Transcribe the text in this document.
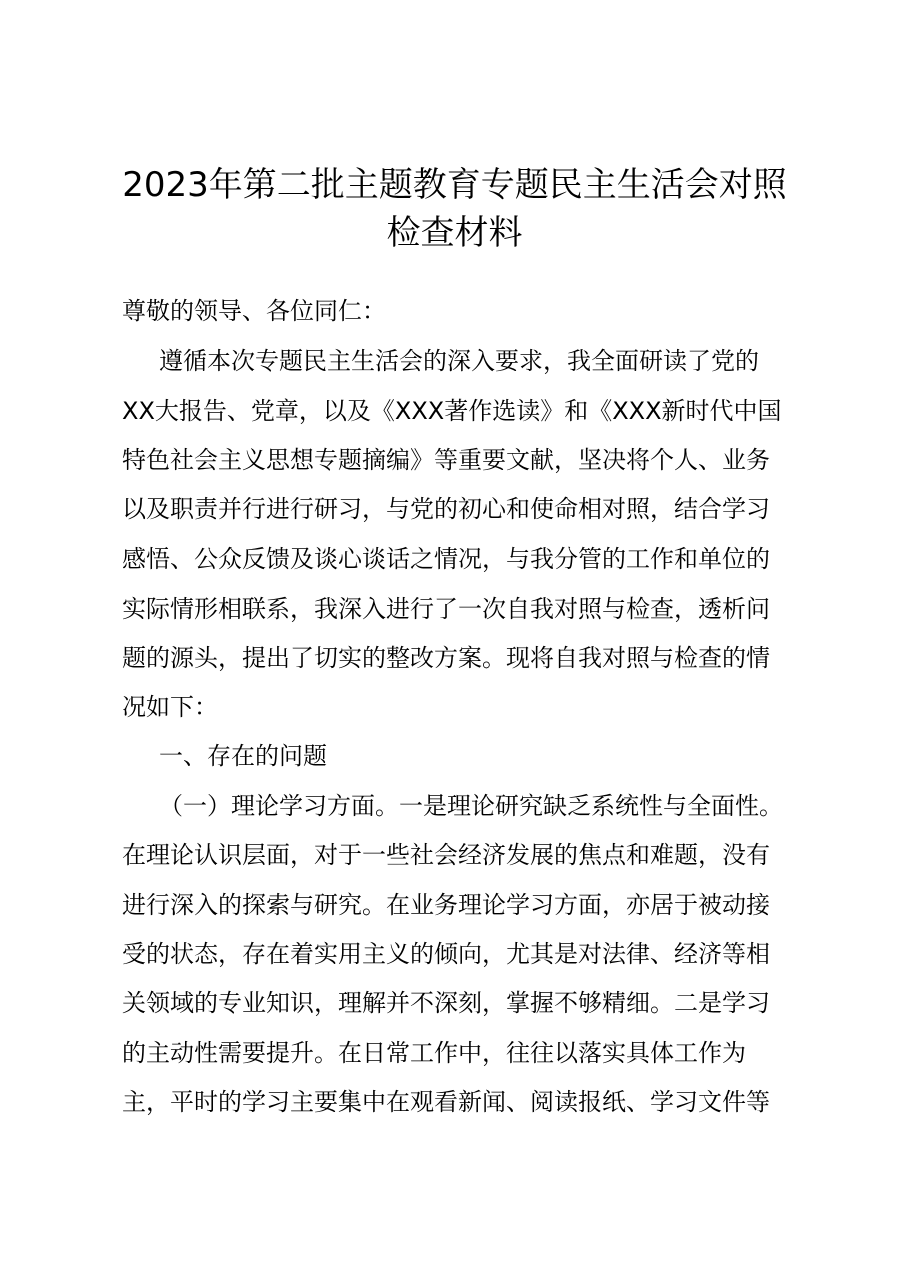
2023年第二批主题教育专题民主生活会对照
检查材料
尊敬的领导、各位同仁：
遵循本次专题民主生活会的深入要求，我全面研读了党的
XX大报告、党章，以及《XXX著作选读》和《XXX新时代中国
特色社会主义思想专题摘编》等重要文献，坚决将个人、业务
以及职责并行进行研习，与党的初心和使命相对照，结合学习
感悟、公众反馈及谈心谈话之情况，与我分管的工作和单位的
实际情形相联系，我深入进行了一次自我对照与检查，透析问
题的源头，提出了切实的整改方案。现将自我对照与检查的情
况如下：
一、存在的问题
（一）理论学习方面。一是理论研究缺乏系统性与全面性。
在理论认识层面，对于一些社会经济发展的焦点和难题，没有
进行深入的探索与研究。在业务理论学习方面，亦居于被动接
受的状态，存在着实用主义的倾向，尤其是对法律、经济等相
关领域的专业知识，理解并不深刻，掌握不够精细。二是学习
的主动性需要提升。在日常工作中，往往以落实具体工作为
主，平时的学习主要集中在观看新闻、阅读报纸、学习文件等
